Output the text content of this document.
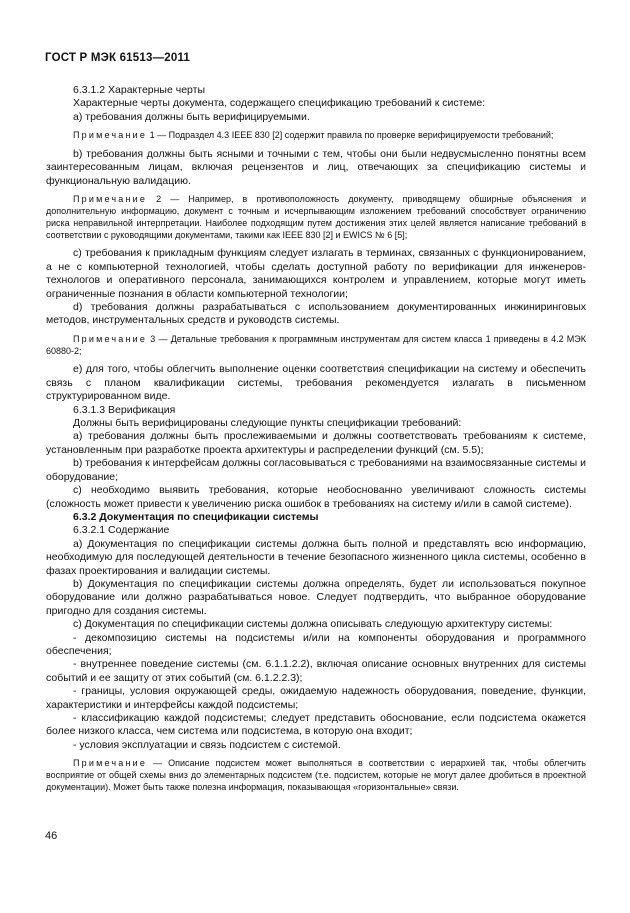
ГОСТ Р МЭК 61513—2011

6.3.1.2 Характерные черты

Характерные черты документа, содержащего спецификацию требований к системе:

а) требования должны быть верифицируемыми.

Примечание 1 — Подраздел 4.3 IEEE 830 [2] содержит правила по проверке верифицируемости требований;

b) требования должны быть ясными и точными с тем, чтобы они были недвусмысленно понятны всем заинтересованным лицам, включая рецензентов и лиц, отвечающих за спецификацию системы и функциональную валидацию.

Примечание 2 — Например, в противоположность документу, приводящему обширные объяснения и дополнительную информацию, документ с точным и исчерпывающим изложением требований способствует ограничению риска неправильной интерпретации. Наиболее подходящим путем достижения этих целей является написание требований в соответствии с руководящими документами, такими как IEEE 830 [2] и EWICS № 6 [5];

с) требования к прикладным функциям следует излагать в терминах, связанных с функционированием, а не с компьютерной технологией, чтобы сделать доступной работу по верификации для инженеров-технологов и оперативного персонала, занимающихся контролем и управлением, которые могут иметь ограниченные познания в области компьютерной технологии;

d) требования должны разрабатываться с использованием документированных инжиниринговых методов, инструментальных средств и руководств системы.

Примечание 3 — Детальные требования к программным инструментам для систем класса 1 приведены в 4.2 МЭК 60880-2;

е) для того, чтобы облегчить выполнение оценки соответствия спецификации на систему и обеспечить связь с планом квалификации системы, требования рекомендуется излагать в письменном структурированном виде.

6.3.1.3 Верификация

Должны быть верифицированы следующие пункты спецификации требований:

а) требования должны быть прослеживаемыми и должны соответствовать требованиям к системе, установленным при разработке проекта архитектуры и распределении функций (см. 5.5);

b) требования к интерфейсам должны согласовываться с требованиями на взаимосвязанные системы и оборудование;

с) необходимо выявить требования, которые необоснованно увеличивают сложность системы (сложность может привести к увеличению риска ошибок в требованиях на систему и/или в самой системе).

6.3.2 Документация по спецификации системы

6.3.2.1 Содержание

а) Документация по спецификации системы должна быть полной и представлять всю информацию, необходимую для последующей деятельности в течение безопасного жизненного цикла системы, особенно в фазах проектирования и валидации системы.

b) Документация по спецификации системы должна определять, будет ли использоваться покупное оборудование или должно разрабатываться новое. Следует подтвердить, что выбранное оборудование пригодно для создания системы.

с) Документация по спецификации системы должна описывать следующую архитектуру системы:

- декомпозицию системы на подсистемы и/или на компоненты оборудования и программного обеспечения;

- внутреннее поведение системы (см. 6.1.1.2.2), включая описание основных внутренних для системы событий и ее защиту от этих событий (см. 6.1.2.2.3);

- границы, условия окружающей среды, ожидаемую надежность оборудования, поведение, функции, характеристики и интерфейсы каждой подсистемы;

- классификацию каждой подсистемы; следует представить обоснование, если подсистема окажется более низкого класса, чем система или подсистема, в которую она входит;

- условия эксплуатации и связь подсистем с системой.

Примечание — Описание подсистем может выполняться в соответствии с иерархией так, чтобы облегчить восприятие от общей схемы вниз до элементарных подсистем (т.е. подсистем, которые не могут далее дробиться в проектной документации). Может быть также полезна информация, показывающая «горизонтальные» связи.

46
